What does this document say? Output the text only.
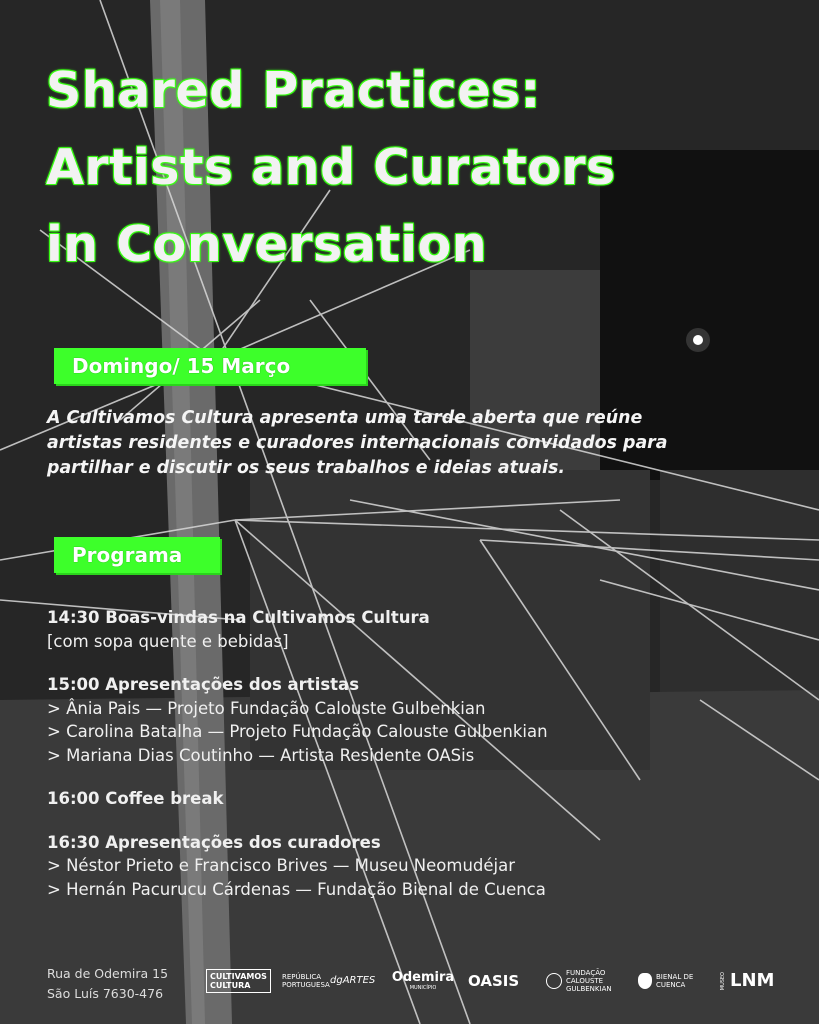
Shared Practices:
Artists and Curators
in Conversation
Domingo/ 15 Março
A Cultivamos Cultura apresenta uma tarde aberta que reúne
artistas residentes e curadores internacionais convidados para
partilhar e discutir os seus trabalhos e ideias atuais.
Programa
14:30 Boas-vindas na Cultivamos Cultura
[com sopa quente e bebidas]
15:00 Apresentações dos artistas
> Ânia Pais — Projeto Fundação Calouste Gulbenkian
> Carolina Batalha — Projeto Fundação Calouste Gulbenkian
> Mariana Dias Coutinho — Artista Residente OASis
16:00 Coffee break
16:30 Apresentações dos curadores
> Néstor Prieto e Francisco Brives — Museu Neomudéjar
> Hernán Pacurucu Cárdenas — Fundação Bienal de Cuenca
Rua de Odemira 15
São Luís 7630-476
CULTIVAMOS CULTURA
REPÚBLICA PORTUGUESA dgARTES Odemira
MUNICÍPIO OASIS	FUNDAÇÃO CALOUSTE GULBENKIAN
BIENAL DE CUENCA	MUSEO LNM
